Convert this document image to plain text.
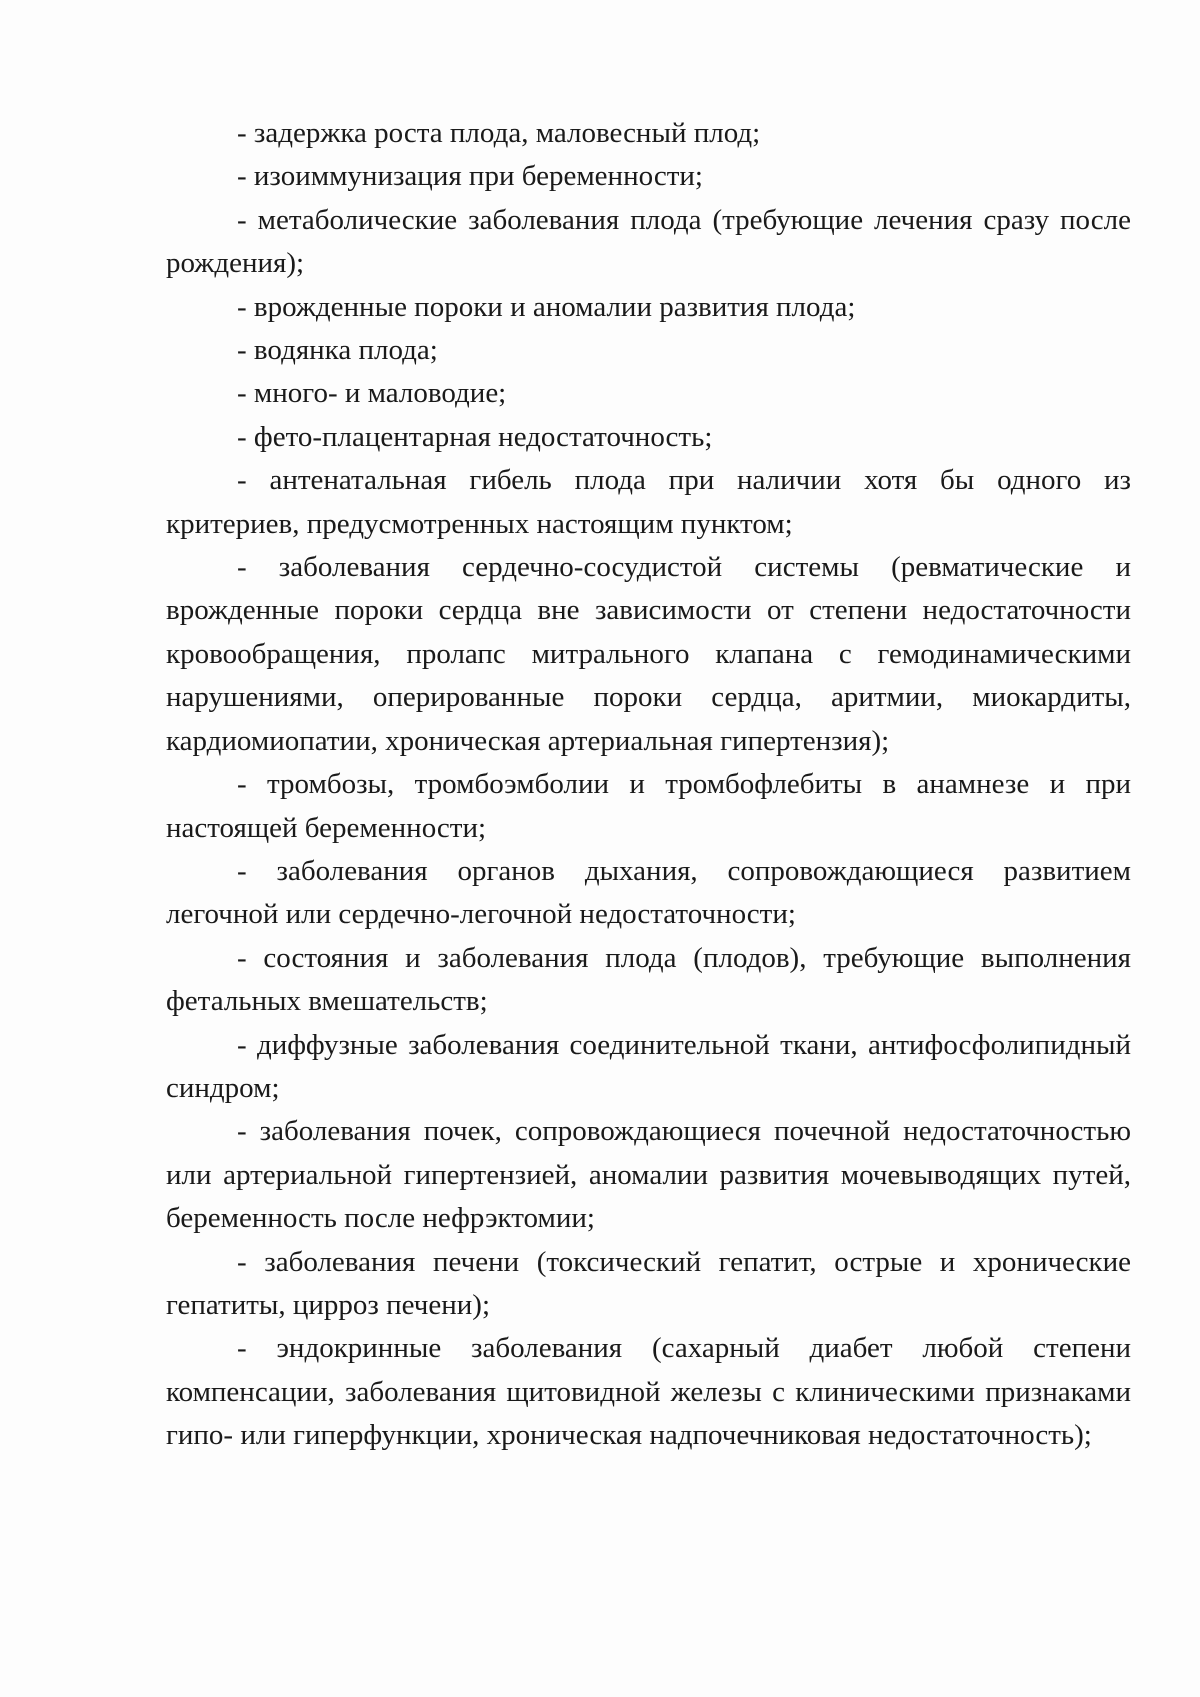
- задержка роста плода, маловесный плод;

- изоиммунизация при беременности;

- метаболические заболевания плода (требующие лечения сразу после рождения);

- врожденные пороки и аномалии развития плода;

- водянка плода;

- много- и маловодие;

- фето-плацентарная недостаточность;

- антенатальная гибель плода при наличии хотя бы одного из критериев, предусмотренных настоящим пунктом;

- заболевания сердечно-сосудистой системы (ревматические и врожденные пороки сердца вне зависимости от степени недостаточности кровообращения, пролапс митрального клапана с гемодинамическими нарушениями, оперированные пороки сердца, аритмии, миокардиты, кардиомиопатии, хроническая артериальная гипертензия);

- тромбозы, тромбоэмболии и тромбофлебиты в анамнезе и при настоящей беременности;

- заболевания органов дыхания, сопровождающиеся развитием легочной или сердечно-легочной недостаточности;

- состояния и заболевания плода (плодов), требующие выполнения фетальных вмешательств;

- диффузные заболевания соединительной ткани, антифосфолипидный синдром;

- заболевания почек, сопровождающиеся почечной недостаточностью или артериальной гипертензией, аномалии развития мочевыводящих путей, беременность после нефрэктомии;

- заболевания печени (токсический гепатит, острые и хронические гепатиты, цирроз печени);

- эндокринные заболевания (сахарный диабет любой степени компенсации, заболевания щитовидной железы с клиническими признаками гипо- или гиперфункции, хроническая надпочечниковая недостаточность);
